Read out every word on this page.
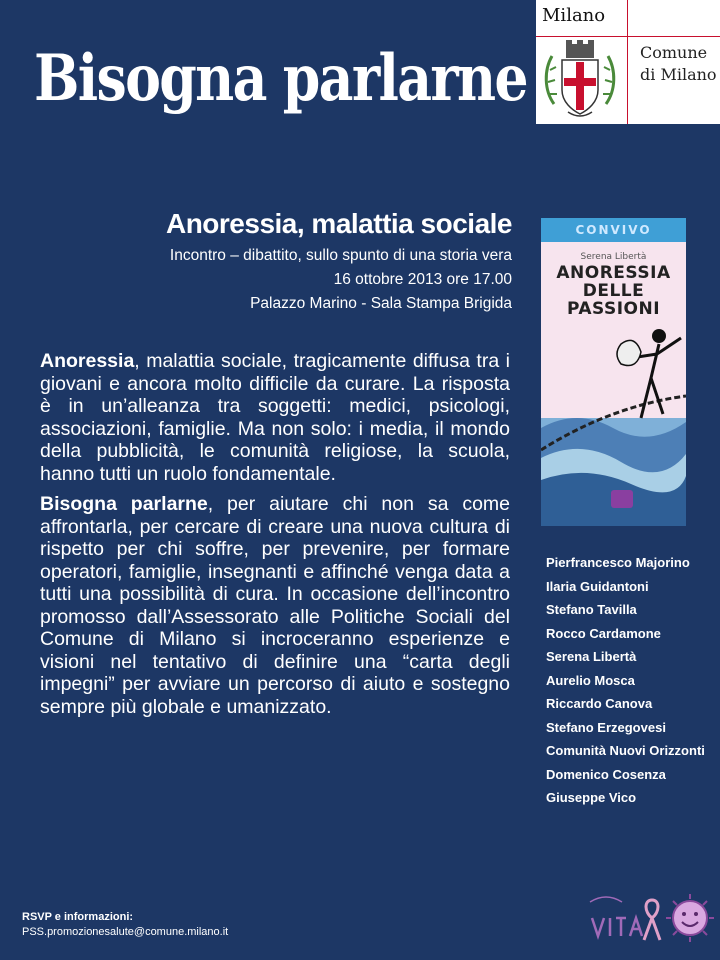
Bisogna parlarne
Milano
Comune
di Milano
Anoressia, malattia sociale
Incontro – dibattito, sullo spunto di una storia vera
16 ottobre 2013 ore 17.00
Palazzo Marino - Sala Stampa Brigida

Anoressia, malattia sociale, tragicamente diffusa tra i giovani e ancora molto difficile da curare. La risposta è in un’alleanza tra soggetti: medici, psicologi, associazioni, famiglie. Ma non solo: i media, il mondo della pubblicità, le comunità religiose, la scuola, hanno tutti un ruolo fondamentale.

Bisogna parlarne, per aiutare chi non sa come affrontarla, per cercare di creare una nuova cultura di rispetto per chi soffre, per prevenire, per formare operatori, famiglie, insegnanti e affinché venga data a tutti una possibilità di cura. In occasione dell’incontro promosso dall’Assessorato alle Politiche Sociali del Comune di Milano si incroceranno esperienze e visioni nel tentativo di definire una “carta degli impegni” per avviare un percorso di aiuto e sostegno sempre più globale e umanizzato.

CONVIVO
Serena Libertà
ANORESSIA
DELLE
PASSIONI
Pierfrancesco Majorino
Ilaria Guidantoni
Stefano Tavilla
Rocco Cardamone
Serena Libertà
Aurelio Mosca
Riccardo Canova
Stefano Erzegovesi
Comunità Nuovi Orizzonti
Domenico Cosenza
Giuseppe Vico
RSVP e informazioni:
PSS.promozionesalute@comune.milano.it
